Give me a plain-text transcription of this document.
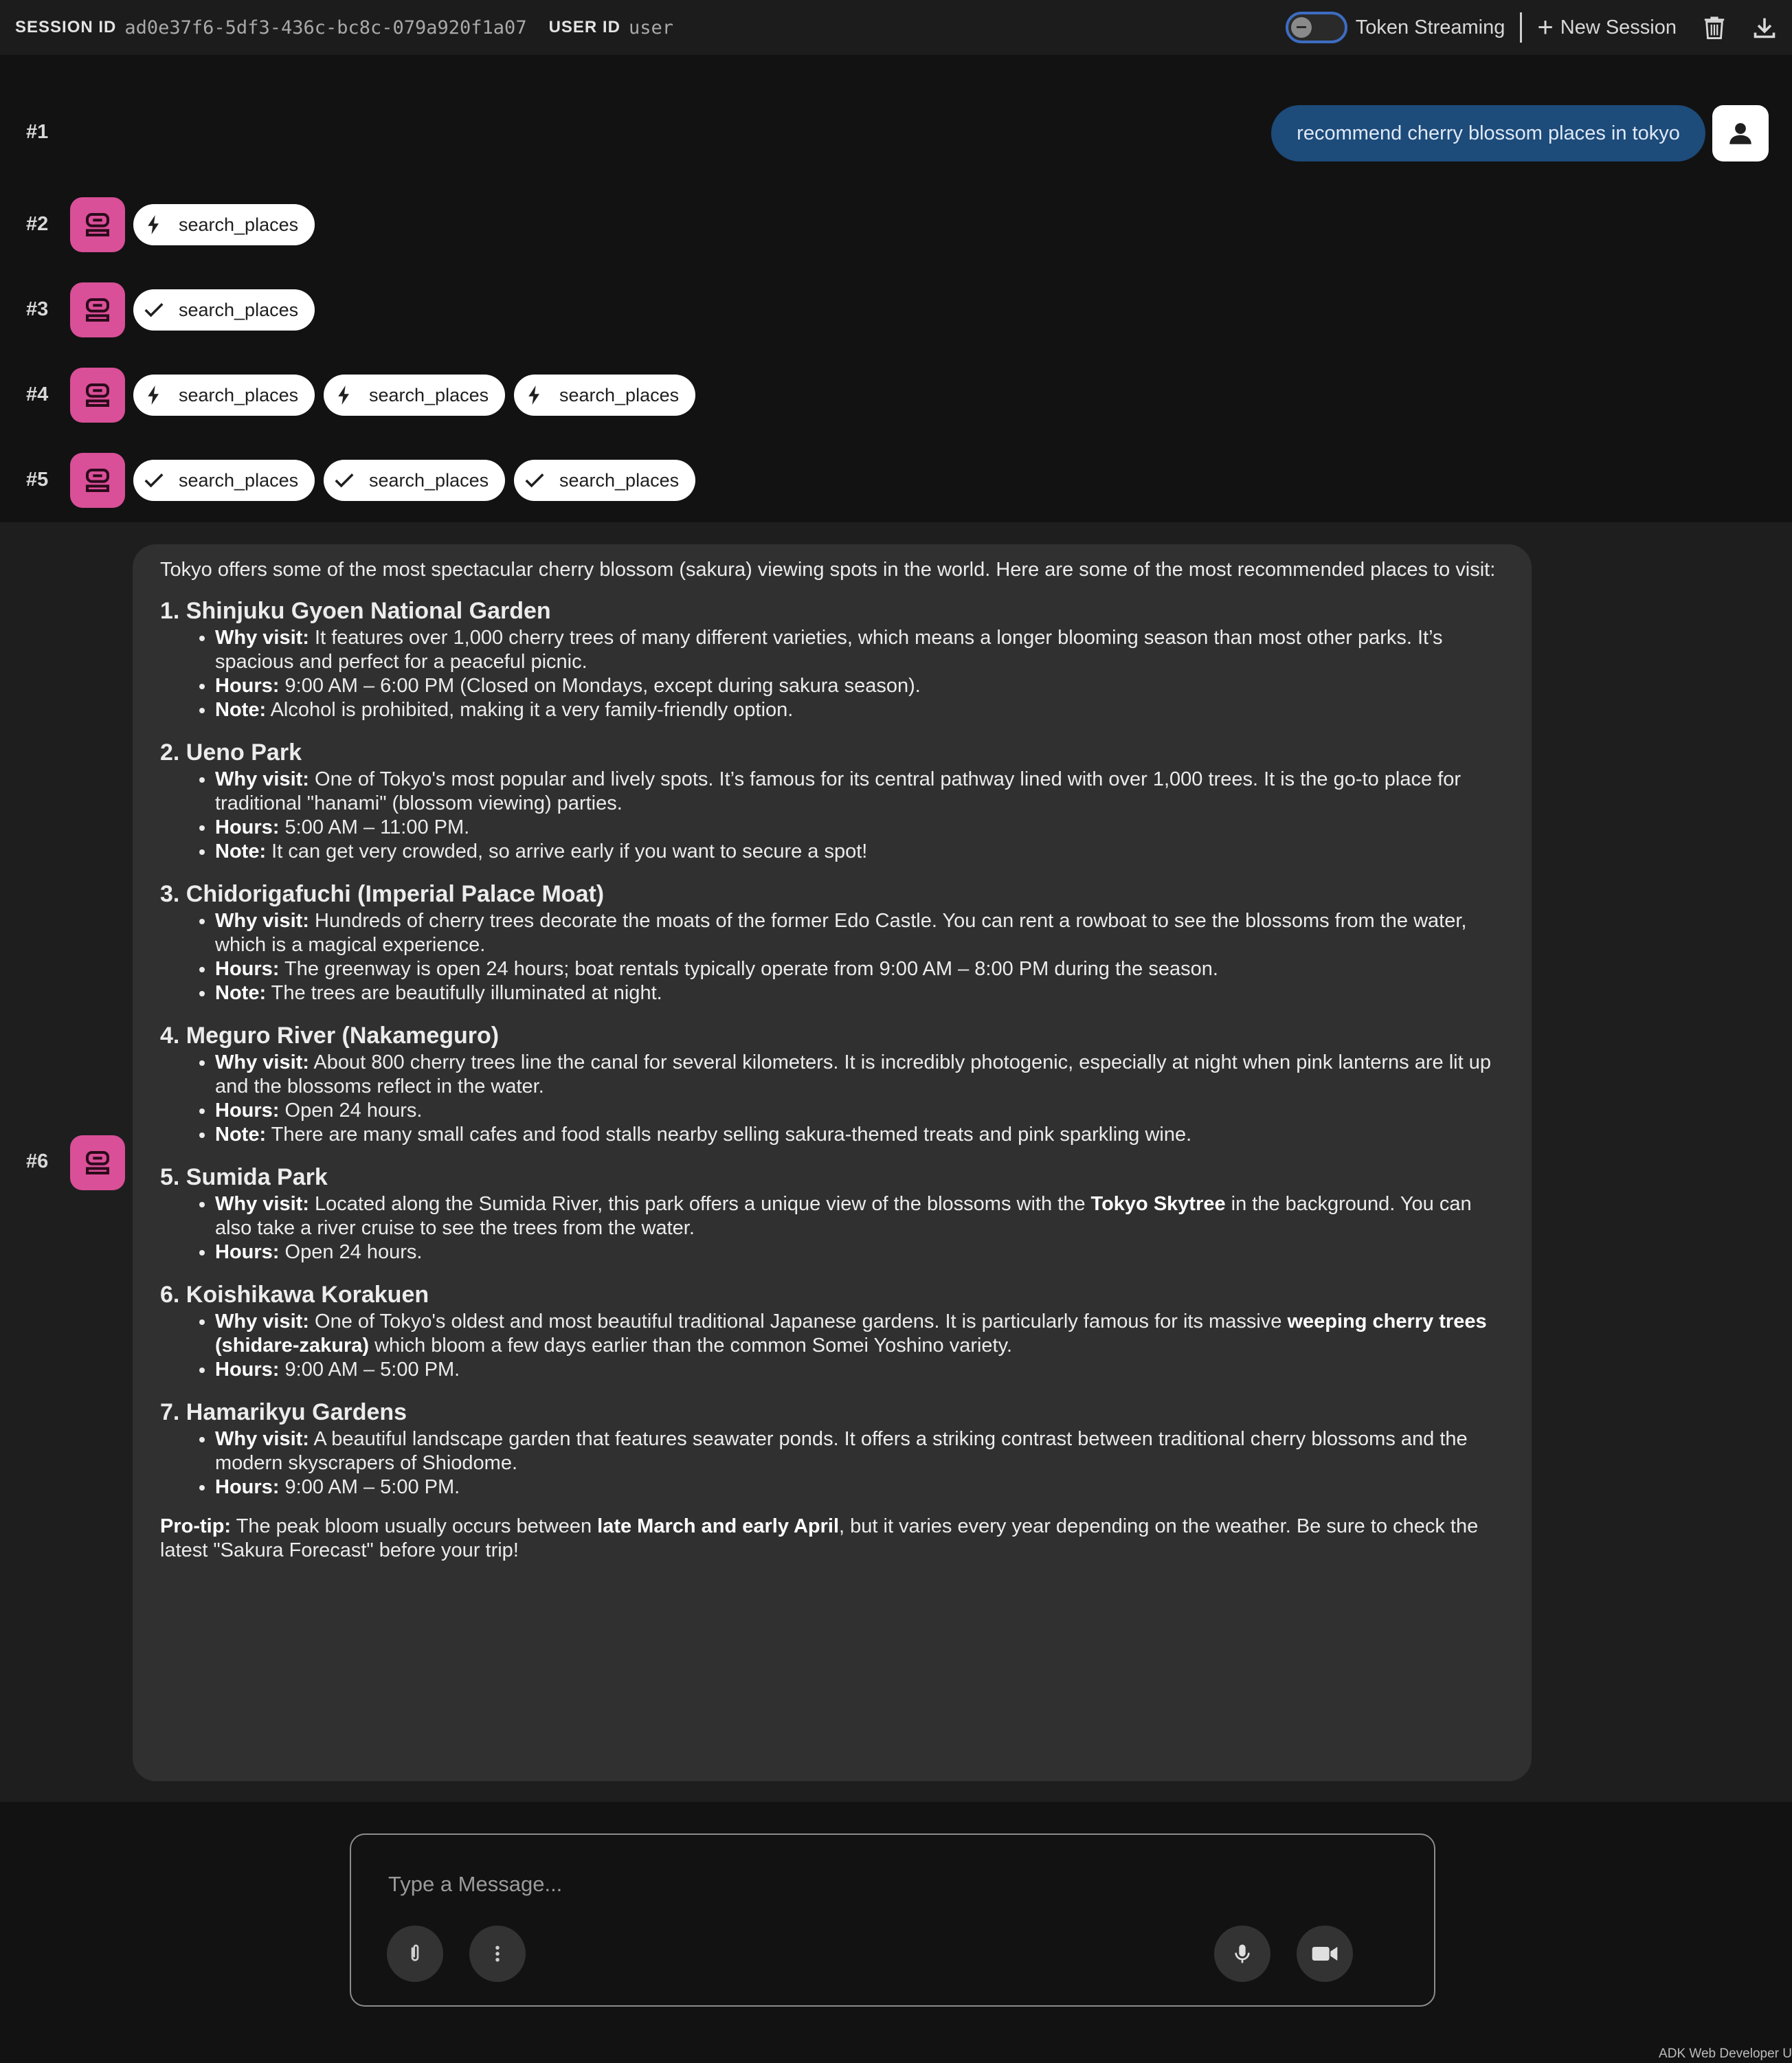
SESSION ID ad0e37f6-5df3-436c-bc8c-079a920f1a07 USER ID user	Token Streaming + New Session
#1	recommend cherry blossom places in tokyo
#2	search_places
#3	search_places
#4	search_places	search_places	search_places
#5	search_places	search_places	search_places
#6

Tokyo offers some of the most spectacular cherry blossom (sakura) viewing spots in the world. Here are some of the most recommended places to visit:

1. Shinjuku Gyoen National Garden

• Why visit: It features over 1,000 cherry trees of many different varieties, which means a longer blooming season than most other parks. It’s spacious and perfect for a peaceful picnic.
• Hours: 9:00 AM – 6:00 PM (Closed on Mondays, except during sakura season).
• Note: Alcohol is prohibited, making it a very family-friendly option.

2. Ueno Park

• Why visit: One of Tokyo's most popular and lively spots. It’s famous for its central pathway lined with over 1,000 trees. It is the go-to place for traditional "hanami" (blossom viewing) parties.
• Hours: 5:00 AM – 11:00 PM.
• Note: It can get very crowded, so arrive early if you want to secure a spot!

3. Chidorigafuchi (Imperial Palace Moat)

• Why visit: Hundreds of cherry trees decorate the moats of the former Edo Castle. You can rent a rowboat to see the blossoms from the water, which is a magical experience.
• Hours: The greenway is open 24 hours; boat rentals typically operate from 9:00 AM – 8:00 PM during the season.
• Note: The trees are beautifully illuminated at night.

4. Meguro River (Nakameguro)

• Why visit: About 800 cherry trees line the canal for several kilometers. It is incredibly photogenic, especially at night when pink lanterns are lit up and the blossoms reflect in the water.
• Hours: Open 24 hours.
• Note: There are many small cafes and food stalls nearby selling sakura-themed treats and pink sparkling wine.

5. Sumida Park

• Why visit: Located along the Sumida River, this park offers a unique view of the blossoms with the Tokyo Skytree in the background. You can also take a river cruise to see the trees from the water.
• Hours: Open 24 hours.

6. Koishikawa Korakuen

• Why visit: One of Tokyo's oldest and most beautiful traditional Japanese gardens. It is particularly famous for its massive weeping cherry trees (shidare-zakura) which bloom a few days earlier than the common Somei Yoshino variety.
• Hours: 9:00 AM – 5:00 PM.

7. Hamarikyu Gardens

• Why visit: A beautiful landscape garden that features seawater ponds. It offers a striking contrast between traditional cherry blossoms and the modern skyscrapers of Shiodome.
• Hours: 9:00 AM – 5:00 PM.

Pro-tip: The peak bloom usually occurs between late March and early April, but it varies every year depending on the weather. Be sure to check the latest "Sakura Forecast" before your trip!

Type a Message...
ADK Web Developer U
